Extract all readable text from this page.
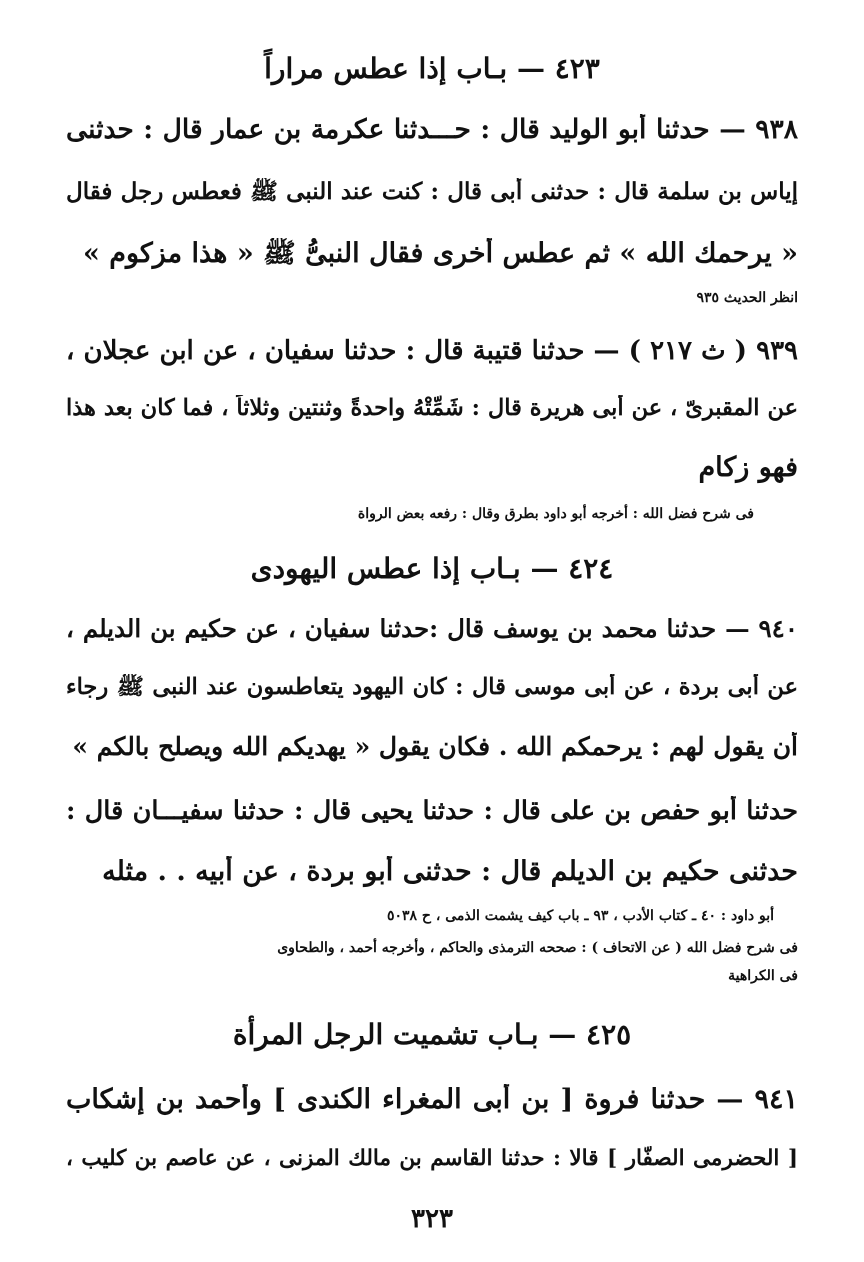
٤٢٣ — بـاب إذا عطس مراراً
٩٣٨ — حدثنا أبو الوليد قال : حـــدثنا عكرمة بن عمار قال : حدثنى
إياس بن سلمة قال : حدثنى أبى قال : كنت عند النبى ﷺ فعطس رجل فقال
« يرحمك الله » ثم عطس أخرى فقال النبىُّ ﷺ « هذا مزكوم »
انظر الحديث ٩٣٥
٩٣٩ ( ث ٢١٧ ) — حدثنا قتيبة قال : حدثنا سفيان ، عن ابن عجلان ،
عن المقبرىّ ، عن أبى هريرة قال : شَمِّتْهُ واحدةً وثنتين وثلاثاً ، فما كان بعد هذا
فهو زكام
فى شرح فضل الله : أخرجه أبو داود بطرق وقال : رفعه بعض الرواة
٤٢٤ — بـاب إذا عطس اليهودى
٩٤٠ — حدثنا محمد بن يوسف قال :حدثنا سفيان ، عن حكيم بن الديلم ،
عن أبى بردة ، عن أبى موسى قال : كان اليهود يتعاطسون عند النبى ﷺ رجاء
أن يقول لهم : يرحمكم الله . فكان يقول « يهديكم الله ويصلح بالكم »
حدثنا أبو حفص بن على قال : حدثنا يحيى قال : حدثنا سفيـــان قال :
حدثنى حكيم بن الديلم قال : حدثنى أبو بردة ، عن أبيه . . مثله
أبو داود : ٤٠ ـ كتاب الأدب ، ٩٣ ـ باب كيف يشمت الذمى ، ح ٥٠٣٨
فى شرح فضل الله ( عن الاتحاف ) : صححه الترمذى والحاكم ، وأخرجه أحمد ، والطحاوى
فى الكراهية
٤٢٥ — بـاب تشميت الرجل المرأة
٩٤١ — حدثنا فروة [ بن أبى المغراء الكندى ] وأحمد بن إشكاب
[ الحضرمى الصفَّار ] قالا : حدثنا القاسم بن مالك المزنى ، عن عاصم بن كليب ،
٣٢٣
